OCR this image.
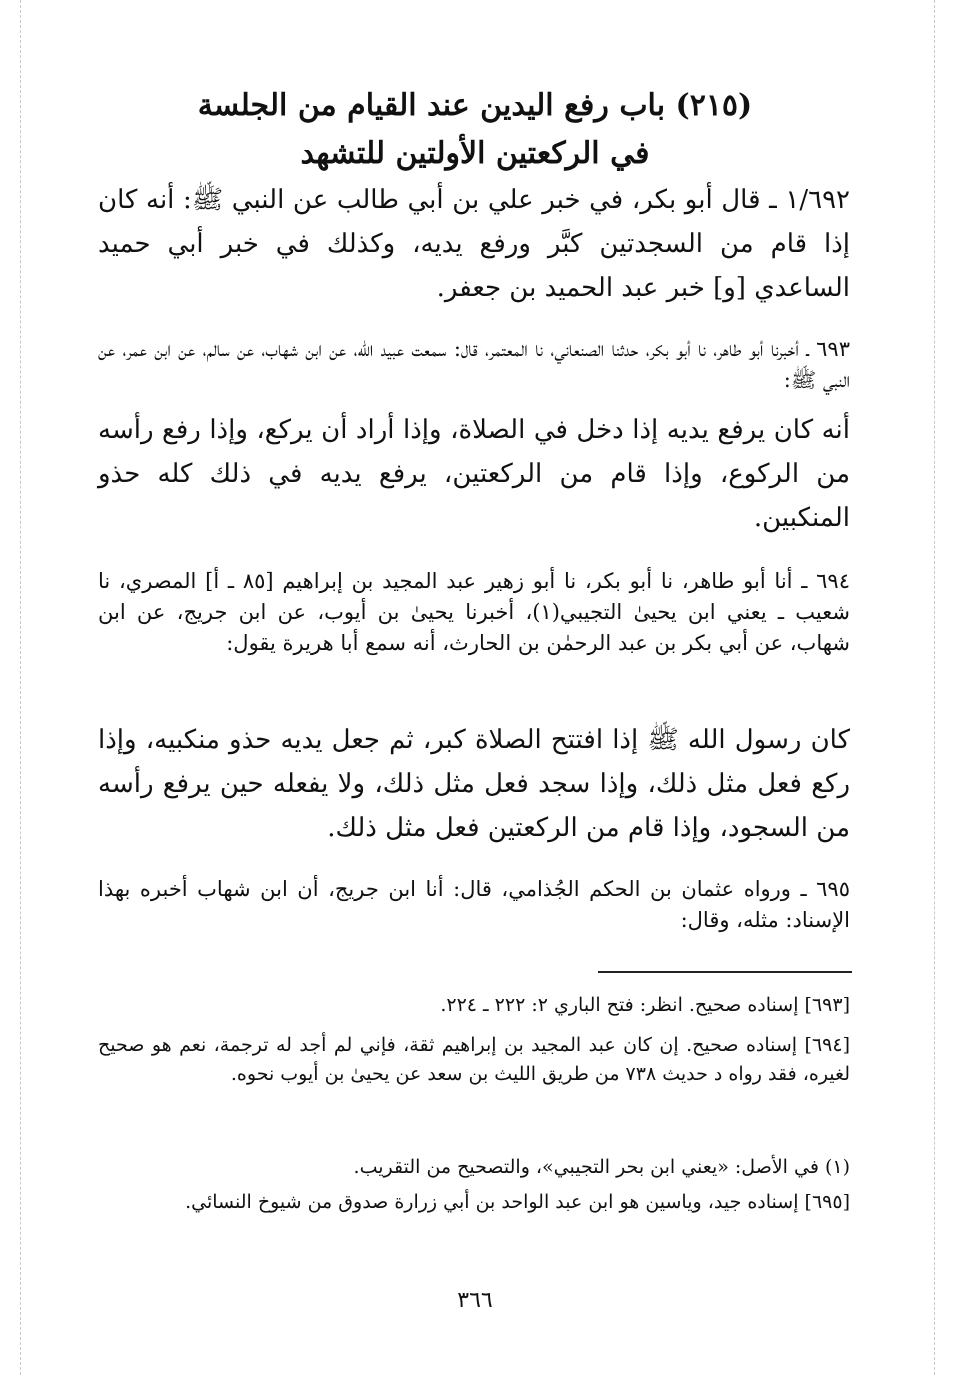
(٢١٥) باب رفع اليدين عند القيام من الجلسة
في الركعتين الأولتين للتشهد
١/٦٩٢ ـ قال أبو بكر، في خبر علي بن أبي طالب عن النبي ﷺ: أنه كان إذا قام من السجدتين كبَّر ورفع يديه، وكذلك في خبر أبي حميد الساعدي [و] خبر عبد الحميد بن جعفر.
٦٩٣ ـ أخبرنا أبو طاهر، نا أبو بكر، حدثنا الصنعاني، نا المعتمر، قال: سمعت عبيد الله، عن ابن شهاب، عن سالم، عن ابن عمر، عن النبي ﷺ:
أنه كان يرفع يديه إذا دخل في الصلاة، وإذا أراد أن يركع، وإذا رفع رأسه من الركوع، وإذا قام من الركعتين، يرفع يديه في ذلك كله حذو المنكبين.
٦٩٤ ـ أنا أبو طاهر، نا أبو بكر، نا أبو زهير عبد المجيد بن إبراهيم [٨٥ ـ أ] المصري، نا شعيب ـ يعني ابن يحيىٰ التجيبي(١)، أخبرنا يحيىٰ بن أيوب، عن ابن جريج، عن ابن شهاب، عن أبي بكر بن عبد الرحمٰن بن الحارث، أنه سمع أبا هريرة يقول:
كان رسول الله ﷺ إذا افتتح الصلاة كبر، ثم جعل يديه حذو منكبيه، وإذا ركع فعل مثل ذلك، وإذا سجد فعل مثل ذلك، ولا يفعله حين يرفع رأسه من السجود، وإذا قام من الركعتين فعل مثل ذلك.
٦٩٥ ـ ورواه عثمان بن الحكم الجُذامي، قال: أنا ابن جريج، أن ابن شهاب أخبره بهذا الإسناد: مثله، وقال:
[٦٩٣] إسناده صحيح. انظر: فتح الباري ٢: ٢٢٢ ـ ٢٢٤.
[٦٩٤] إسناده صحيح. إن كان عبد المجيد بن إبراهيم ثقة، فإني لم أجد له ترجمة، نعم هو صحيح لغيره، فقد رواه د حديث ٧٣٨ من طريق الليث بن سعد عن يحيىٰ بن أيوب نحوه.
(١) في الأصل: «يعني ابن بحر التجيبي»، والتصحيح من التقريب.
[٦٩٥] إسناده جيد، وياسين هو ابن عبد الواحد بن أبي زرارة صدوق من شيوخ النسائي.
٣٦٦
